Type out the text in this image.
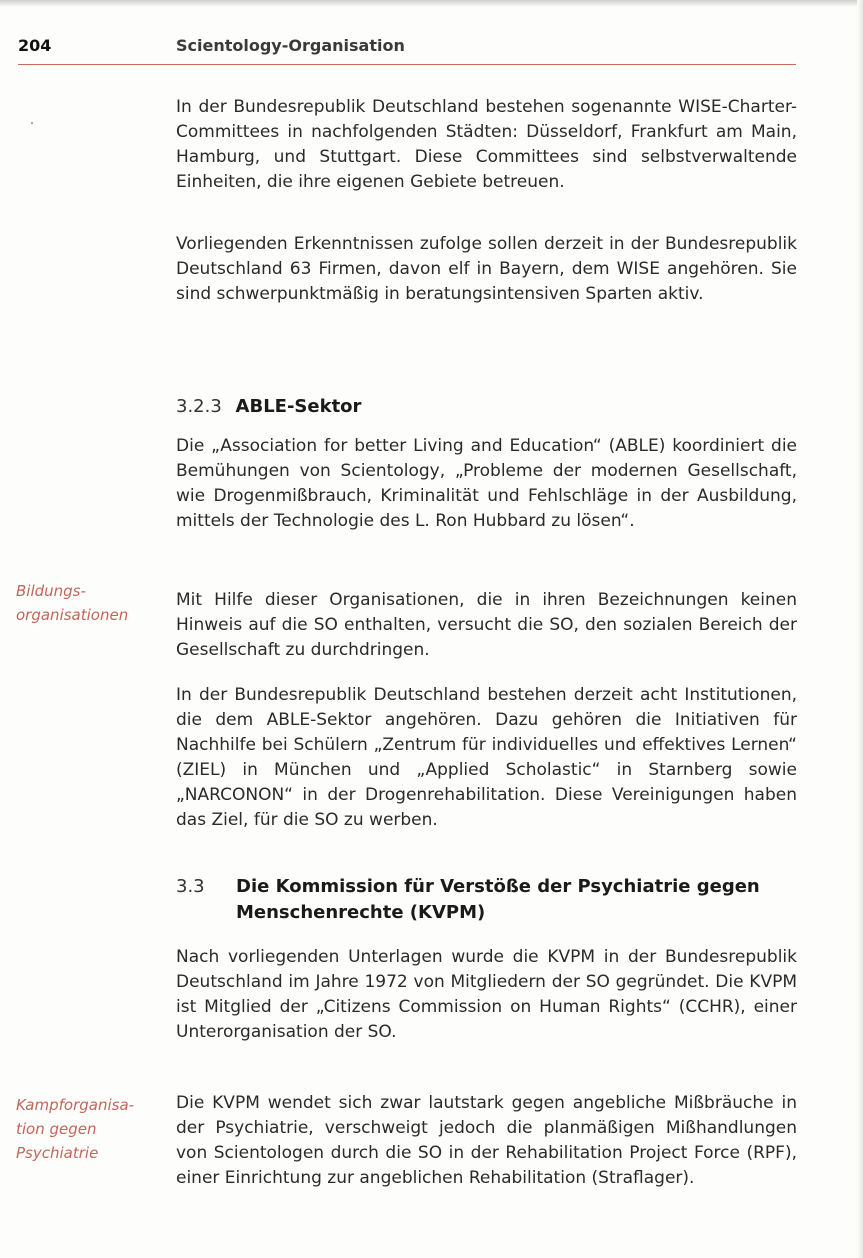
204	Scientology-Organisation

In der Bundesrepublik Deutschland bestehen sogenannte WISE-Charter-Committees in nachfolgenden Städten: Düsseldorf, Frankfurt am Main, Hamburg, und Stuttgart. Diese Committees sind selbstverwaltende Einheiten, die ihre eigenen Gebiete betreuen.

Vorliegenden Erkenntnissen zufolge sollen derzeit in der Bundesrepublik Deutschland 63 Firmen, davon elf in Bayern, dem WISE angehören. Sie sind schwerpunktmäßig in beratungsintensiven Sparten aktiv.

3.2.3 ABLE-Sektor

Die „Association for better Living and Education“ (ABLE) koordiniert die Bemühungen von Scientology, „Probleme der modernen Gesellschaft, wie Drogenmißbrauch, Kriminalität und Fehlschläge in der Ausbildung, mittels der Technologie des L. Ron Hubbard zu lösen“.

Bildungs-
organisationen

Mit Hilfe dieser Organisationen, die in ihren Bezeichnungen keinen Hinweis auf die SO enthalten, versucht die SO, den sozialen Bereich der Gesellschaft zu durchdringen.

In der Bundesrepublik Deutschland bestehen derzeit acht Institutionen, die dem ABLE-Sektor angehören. Dazu gehören die Initiativen für Nachhilfe bei Schülern „Zentrum für individuelles und effektives Lernen“ (ZIEL) in München und „Applied Scholastic“ in Starnberg sowie „NARCONON“ in der Drogenrehabilitation. Diese Vereinigungen haben das Ziel, für die SO zu werben.

3.3 Die Kommission für Verstöße der Psychiatrie gegen Menschenrechte (KVPM)

Nach vorliegenden Unterlagen wurde die KVPM in der Bundesrepublik Deutschland im Jahre 1972 von Mitgliedern der SO gegründet. Die KVPM ist Mitglied der „Citizens Commission on Human Rights“ (CCHR), einer Unterorganisation der SO.

Kampforganisa-
tion gegen
Psychiatrie

Die KVPM wendet sich zwar lautstark gegen angebliche Mißbräuche in der Psychiatrie, verschweigt jedoch die planmäßigen Mißhandlungen von Scientologen durch die SO in der Rehabilitation Project Force (RPF), einer Einrichtung zur angeblichen Rehabilitation (Straflager).
